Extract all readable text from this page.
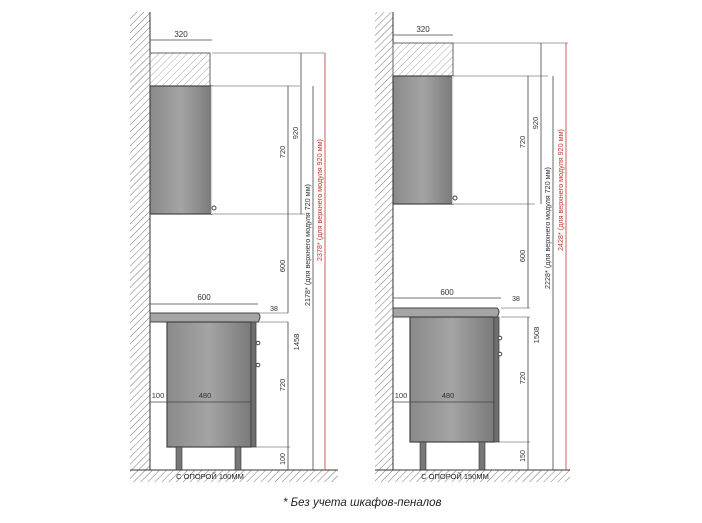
С ОПОРОЙ 100ММ
320
600
100	480
720
920
600
38
1458
720
100
2178* (для верхнего модуля 720 мм) 2378* (для верхнего модуля 920 мм)
С ОПОРОЙ 150ММ
320
600
100	480
720
920
600
38
1508
720
150
2228* (для верхнего модуля 720 мм) 2428* (для верхнего модуля 920 мм)
* Без учета шкафов-пеналов
